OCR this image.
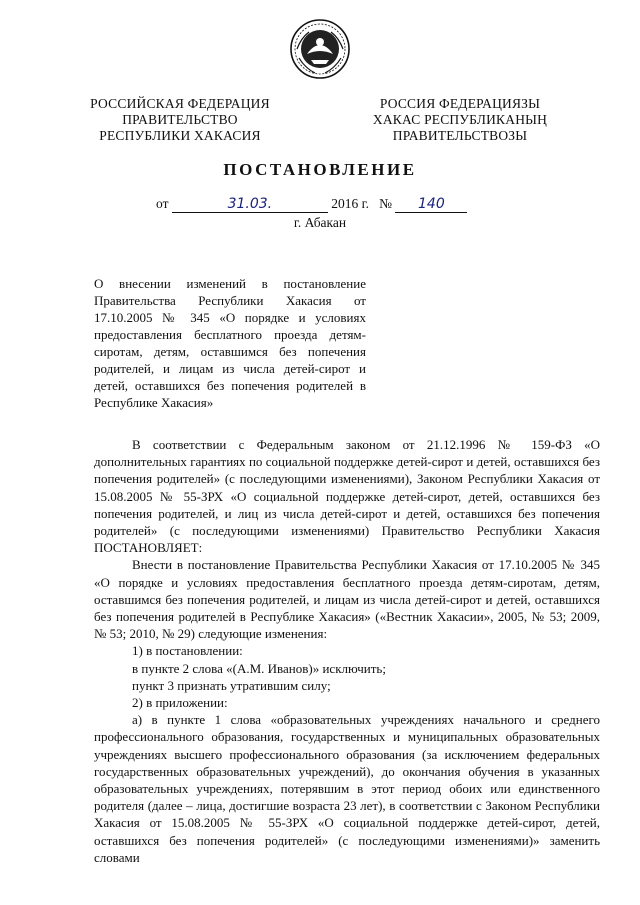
РОССИЙСКАЯ ФЕДЕРАЦИЯ
ПРАВИТЕЛЬСТВО
РЕСПУБЛИКИ ХАКАСИЯ
РОССИЯ ФЕДЕРАЦИЯЗЫ
ХАКАС РЕСПУБЛИКАНЫҢ
ПРАВИТЕЛЬСТВОЗЫ
ПОСТАНОВЛЕНИЕ
от	31.03.	2016 г. № 140
г. Абакан
О внесении изменений в постановление Правительства Республики Хакасия от 17.10.2005 № 345 «О порядке и условиях предоставления бесплатного проезда детям-сиротам, детям, оставшимся без попечения родителей, и лицам из числа детей-сирот и детей, оставшихся без попечения родителей в Республике Хакасия»

В соответствии с Федеральным законом от 21.12.1996 № 159-ФЗ «О дополнительных гарантиях по социальной поддержке детей-сирот и детей, оставшихся без попечения родителей» (с последующими изменениями), Законом Республики Хакасия от 15.08.2005 № 55-ЗРХ «О социальной поддержке детей-сирот, детей, оставшихся без попечения родителей, и лиц из числа детей-сирот и детей, оставшихся без попечения родителей» (с последующими изменениями) Правительство Республики Хакасия ПОСТАНОВЛЯЕТ:

Внести в постановление Правительства Республики Хакасия от 17.10.2005 № 345 «О порядке и условиях предоставления бесплатного проезда детям-сиротам, детям, оставшимся без попечения родителей, и лицам из числа детей-сирот и детей, оставшихся без попечения родителей в Республике Хакасия» («Вестник Хакасии», 2005, № 53; 2009, № 53; 2010, № 29) следующие изменения:

1) в постановлении:

в пункте 2 слова «(А.М. Иванов)» исключить;

пункт 3 признать утратившим силу;

2) в приложении:

а) в пункте 1 слова «образовательных учреждениях начального и среднего профессионального образования, государственных и муниципальных образовательных учреждениях высшего профессионального образования (за исключением федеральных государственных образовательных учреждений), до окончания обучения в указанных образовательных учреждениях, потерявшим в этот период обоих или единственного родителя (далее – лица, достигшие возраста 23 лет), в соответствии с Законом Республики Хакасия от 15.08.2005 № 55-ЗРХ «О социальной поддержке детей-сирот, детей, оставшихся без попечения родителей» (с последующими изменениями)» заменить словами
